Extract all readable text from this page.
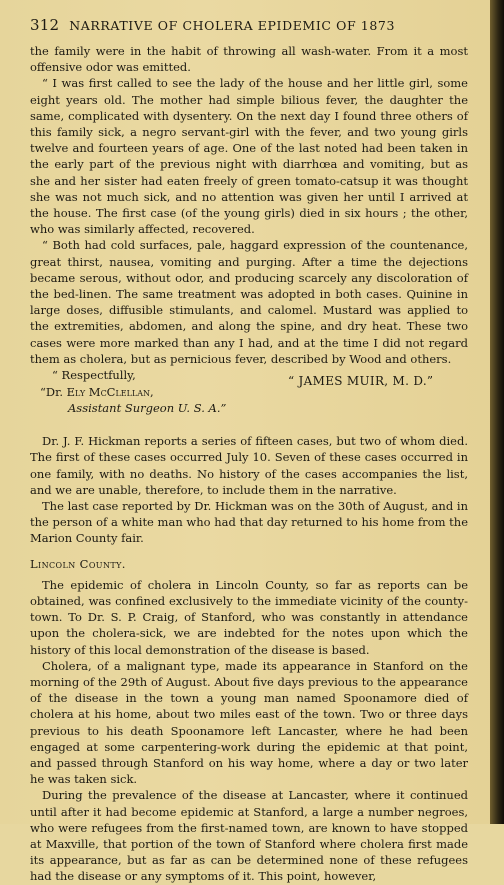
312 NARRATIVE OF CHOLERA EPIDEMIC OF 1873

the family were in the habit of throwing all wash-water. From it a most offensive odor was emitted.

“ I was first called to see the lady of the house and her little girl, some eight years old. The mother had simple bilious fever, the daughter the same, complicated with dysentery. On the next day I found three others of this family sick, a negro servant-girl with the fever, and two young girls twelve and fourteen years of age. One of the last noted had been taken in the early part of the previous night with diarrhœa and vomiting, but as she and her sister had eaten freely of green tomato-catsup it was thought she was not much sick, and no attention was given her until I arrived at the house. The first case (of the young girls) died in six hours ; the other, who was similarly affected, recovered.

“ Both had cold surfaces, pale, haggard expression of the countenance, great thirst, nausea, vomiting and purging. After a time the dejections became serous, without odor, and producing scarcely any discoloration of the bed-linen. The same treatment was adopted in both cases. Quinine in large doses, diffusible stimulants, and calomel. Mustard was applied to the extremities, abdomen, and along the spine, and dry heat. These two cases were more marked than any I had, and at the time I did not regard them as cholera, but as pernicious fever, described by Wood and others.

“ Respectfully,	“ JAMES MUIR, M. D.”
“Dr. Ely McClellan,
Assistant Surgeon U. S. A.”

Dr. J. F. Hickman reports a series of fifteen cases, but two of whom died. The first of these cases occurred July 10. Seven of these cases occurred in one family, with no deaths. No history of the cases accompanies the list, and we are unable, therefore, to include them in the narrative.

The last case reported by Dr. Hickman was on the 30th of August, and in the person of a white man who had that day returned to his home from the Marion County fair.

Lincoln County.

The epidemic of cholera in Lincoln County, so far as reports can be obtained, was confined exclusively to the immediate vicinity of the county-town. To Dr. S. P. Craig, of Stanford, who was constantly in attendance upon the cholera-sick, we are indebted for the notes upon which the history of this local demonstration of the disease is based.

Cholera, of a malignant type, made its appearance in Stanford on the morning of the 29th of August. About five days previous to the appearance of the disease in the town a young man named Spoonamore died of cholera at his home, about two miles east of the town. Two or three days previous to his death Spoonamore left Lancaster, where he had been engaged at some carpentering-work during the epidemic at that point, and passed through Stanford on his way home, where a day or two later he was taken sick.

During the prevalence of the disease at Lancaster, where it continued until after it had become epidemic at Stanford, a large a number negroes, who were refugees from the first-named town, are known to have stopped at Maxville, that portion of the town of Stanford where cholera first made its appearance, but as far as can be determined none of these refugees had the disease or any symptoms of it. This point, however,
